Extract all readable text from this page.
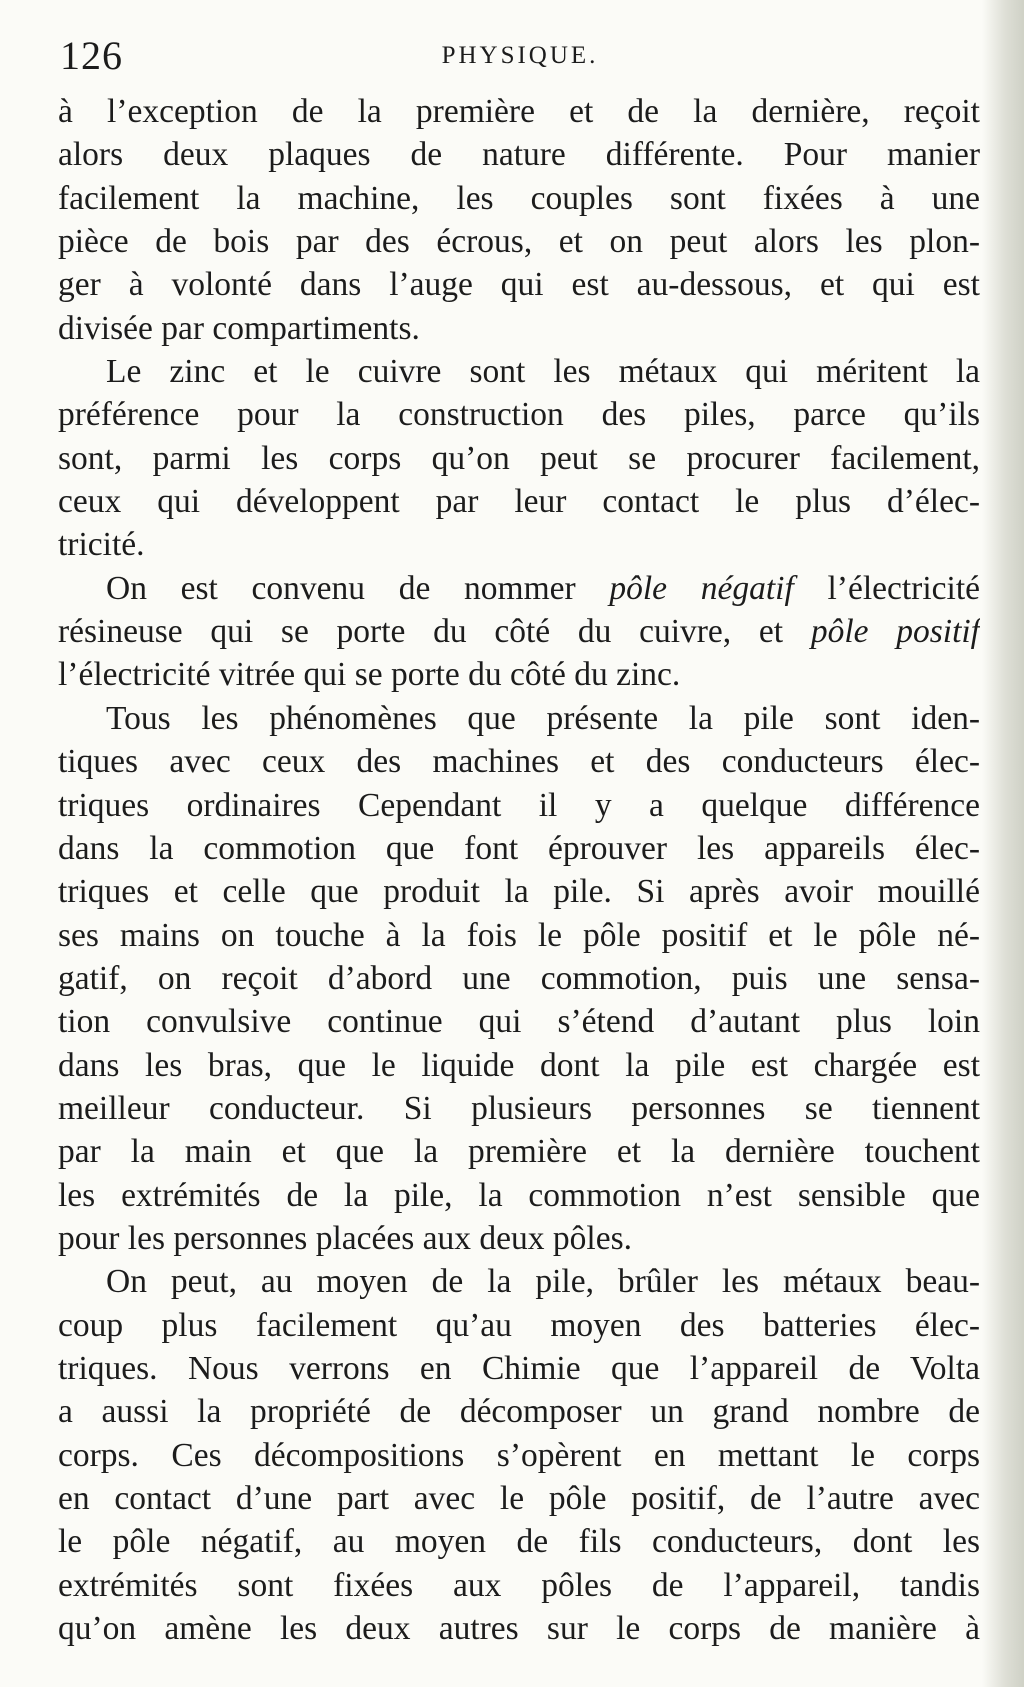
126	PHYSIQUE.
à l’exception de la première et de la dernière, reçoit
alors deux plaques de nature différente. Pour manier
facilement la machine, les couples sont fixées à une
pièce de bois par des écrous, et on peut alors les plon-
ger à volonté dans l’auge qui est au-dessous, et qui est
divisée par compartiments.
Le zinc et le cuivre sont les métaux qui méritent la
préférence pour la construction des piles, parce qu’ils
sont, parmi les corps qu’on peut se procurer facilement,
ceux qui développent par leur contact le plus d’élec-
tricité.
On est convenu de nommer pôle négatif l’électricité
résineuse qui se porte du côté du cuivre, et pôle positif
l’électricité vitrée qui se porte du côté du zinc.
Tous les phénomènes que présente la pile sont iden-
tiques avec ceux des machines et des conducteurs élec-
triques ordinaires Cependant il y a quelque différence
dans la commotion que font éprouver les appareils élec-
triques et celle que produit la pile. Si après avoir mouillé
ses mains on touche à la fois le pôle positif et le pôle né-
gatif, on reçoit d’abord une commotion, puis une sensa-
tion convulsive continue qui s’étend d’autant plus loin
dans les bras, que le liquide dont la pile est chargée est
meilleur conducteur. Si plusieurs personnes se tiennent
par la main et que la première et la dernière touchent
les extrémités de la pile, la commotion n’est sensible que
pour les personnes placées aux deux pôles.
On peut, au moyen de la pile, brûler les métaux beau-
coup plus facilement qu’au moyen des batteries élec-
triques. Nous verrons en Chimie que l’appareil de Volta
a aussi la propriété de décomposer un grand nombre de
corps. Ces décompositions s’opèrent en mettant le corps
en contact d’une part avec le pôle positif, de l’autre avec
le pôle négatif, au moyen de fils conducteurs, dont les
extrémités sont fixées aux pôles de l’appareil, tandis
qu’on amène les deux autres sur le corps de manière à
